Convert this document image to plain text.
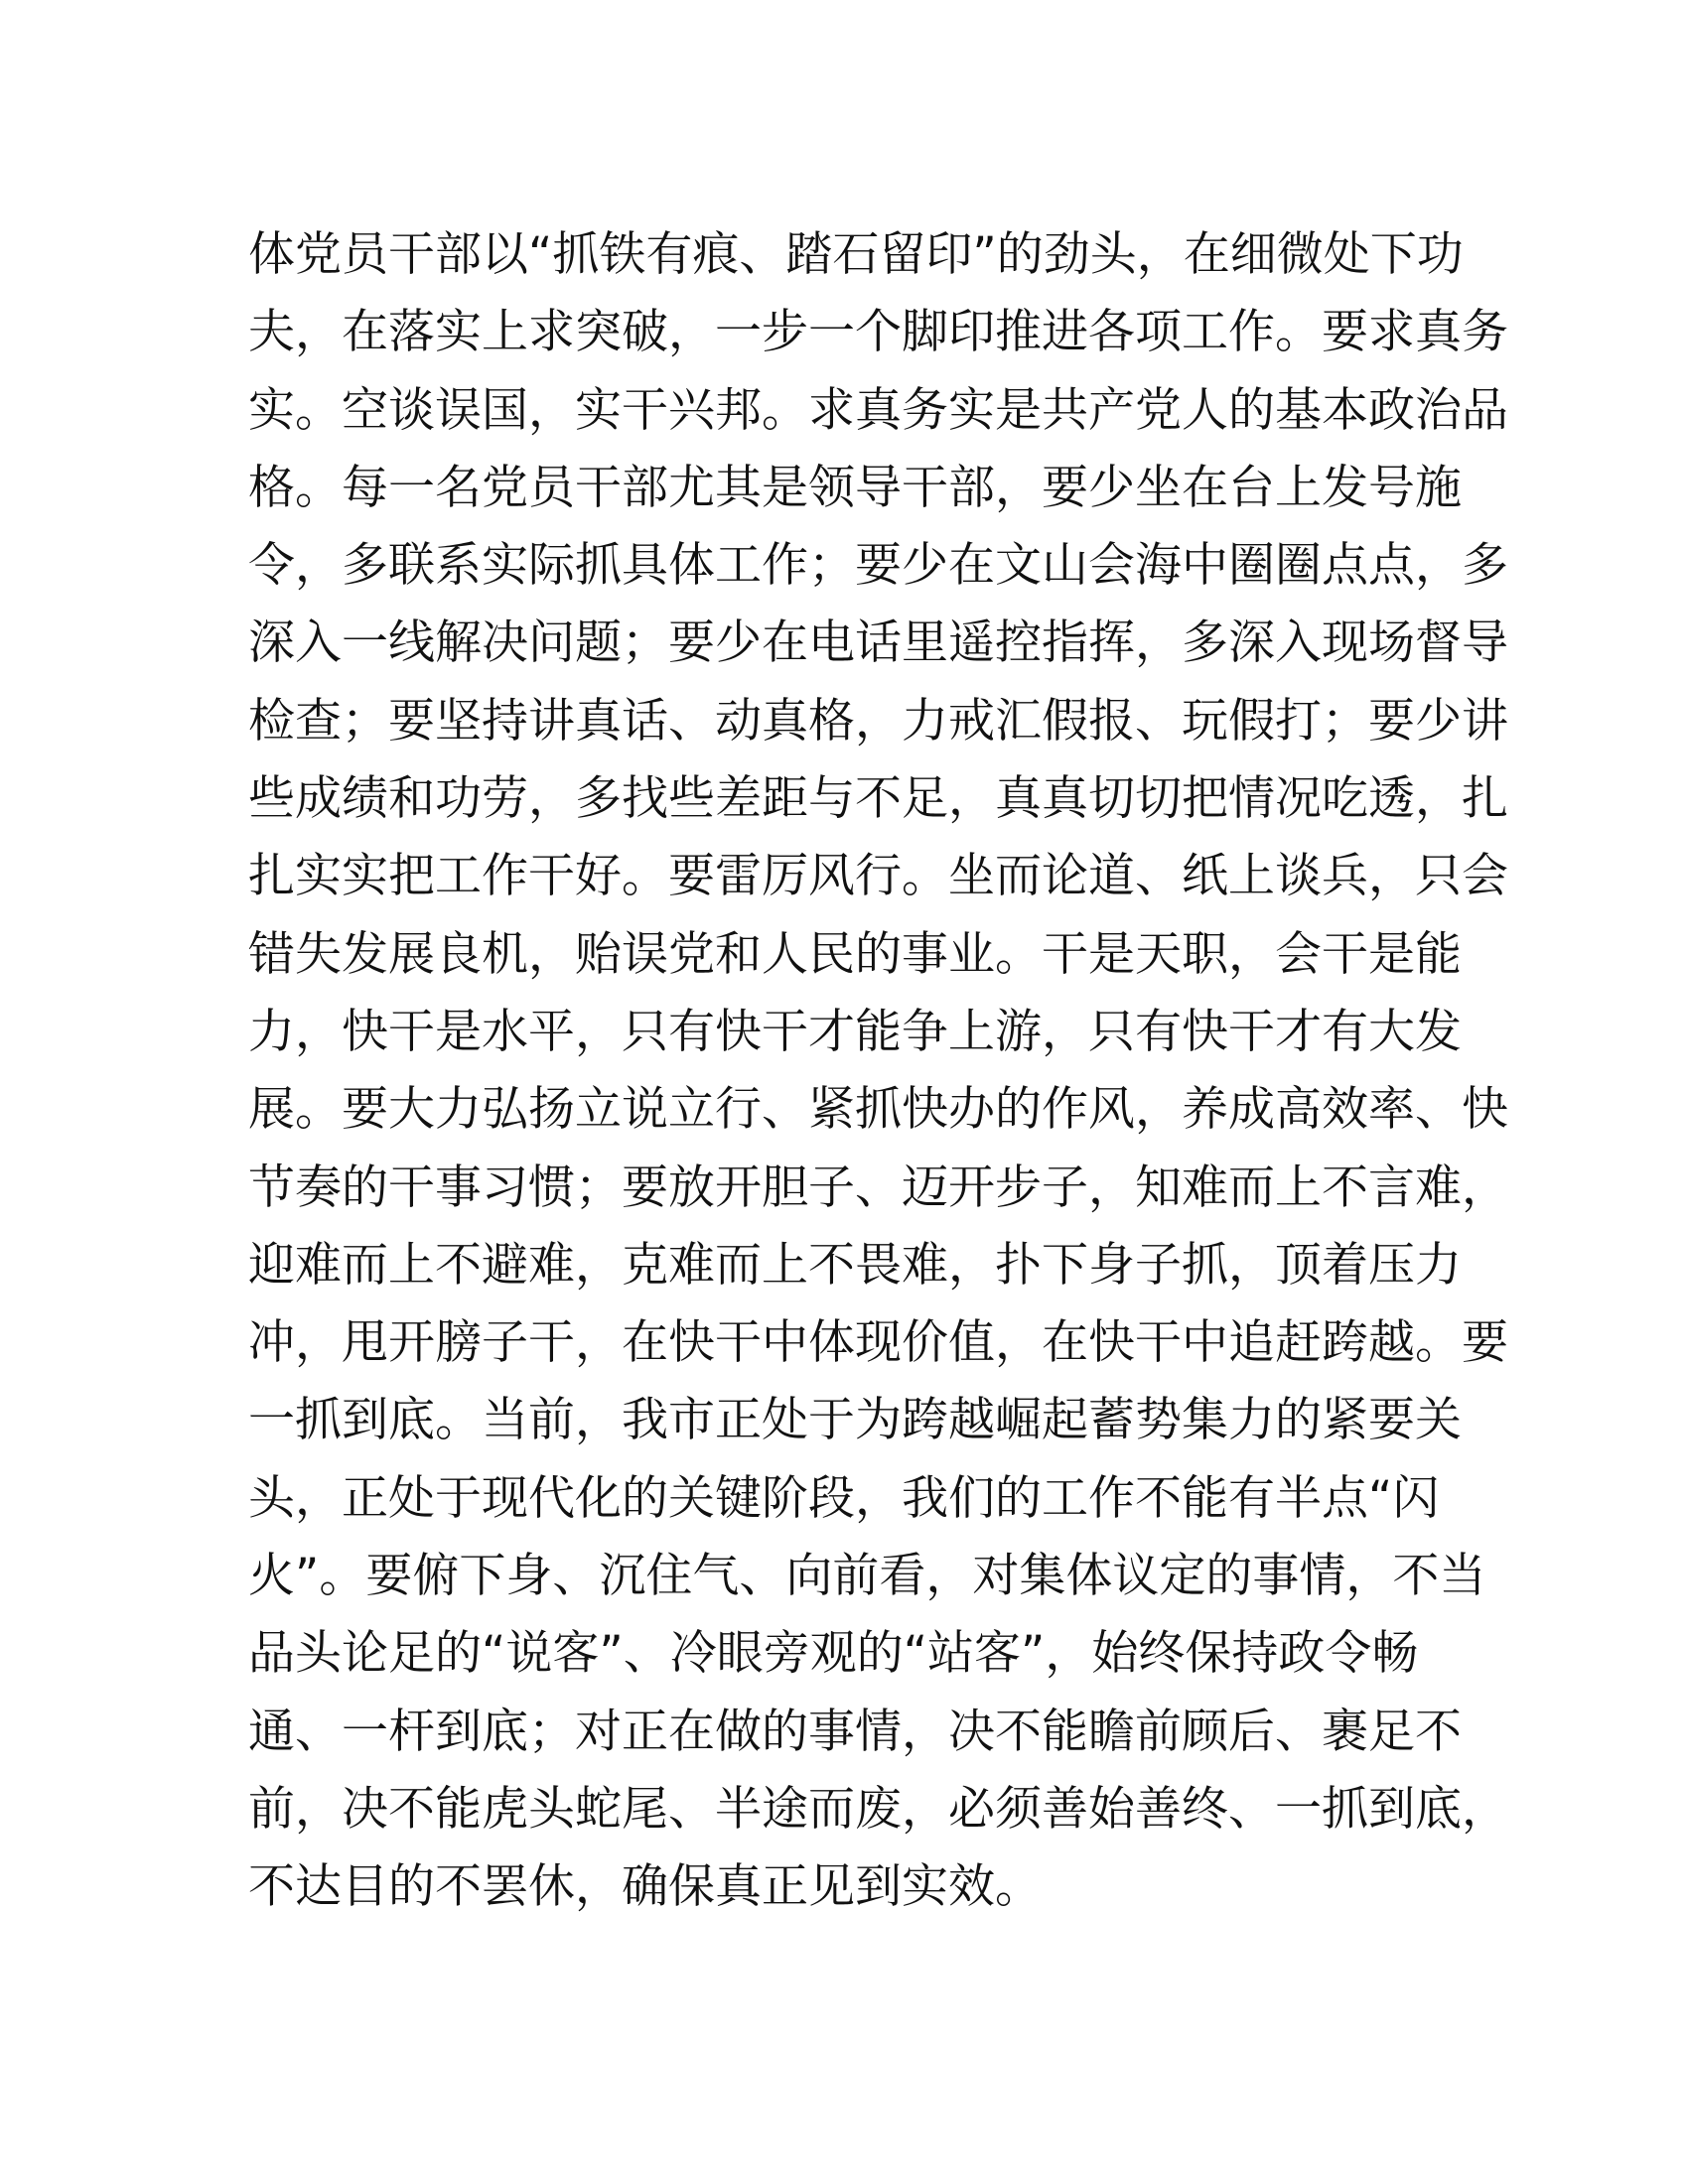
体党员干部以“抓铁有痕、踏石留印”的劲头，在细微处下功
夫，在落实上求突破，一步一个脚印推进各项工作。要求真务
实。空谈误国，实干兴邦。求真务实是共产党人的基本政治品
格。每一名党员干部尤其是领导干部，要少坐在台上发号施
令，多联系实际抓具体工作；要少在文山会海中圈圈点点，多
深入一线解决问题；要少在电话里遥控指挥，多深入现场督导
检查；要坚持讲真话、动真格，力戒汇假报、玩假打；要少讲
些成绩和功劳，多找些差距与不足，真真切切把情况吃透，扎
扎实实把工作干好。要雷厉风行。坐而论道、纸上谈兵，只会
错失发展良机，贻误党和人民的事业。干是天职，会干是能
力，快干是水平，只有快干才能争上游，只有快干才有大发
展。要大力弘扬立说立行、紧抓快办的作风，养成高效率、快
节奏的干事习惯；要放开胆子、迈开步子，知难而上不言难，
迎难而上不避难，克难而上不畏难，扑下身子抓，顶着压力
冲，甩开膀子干，在快干中体现价值，在快干中追赶跨越。要
一抓到底。当前，我市正处于为跨越崛起蓄势集力的紧要关
头，正处于现代化的关键阶段，我们的工作不能有半点“闪
火”。要俯下身、沉住气、向前看，对集体议定的事情，不当
品头论足的“说客”、冷眼旁观的“站客”，始终保持政令畅
通、一杆到底；对正在做的事情，决不能瞻前顾后、裹足不
前，决不能虎头蛇尾、半途而废，必须善始善终、一抓到底，
不达目的不罢休，确保真正见到实效。
